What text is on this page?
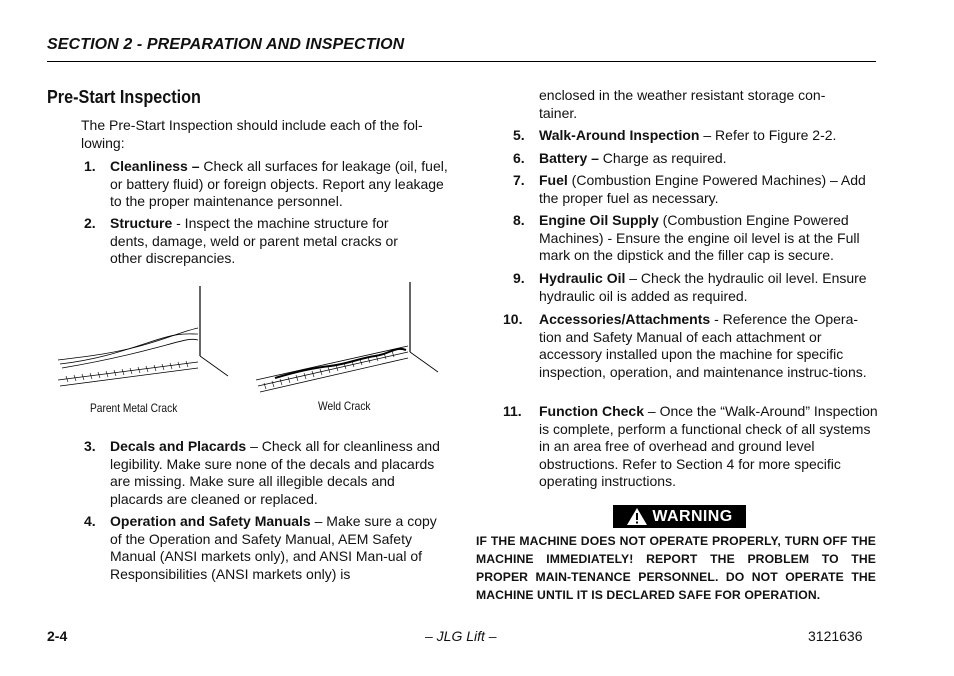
SECTION 2 - PREPARATION AND INSPECTION
Pre-Start Inspection
The Pre-Start Inspection should include each of the fol-lowing:
1. Cleanliness – Check all surfaces for leakage (oil, fuel, or battery fluid) or foreign objects. Report any leakage to the proper maintenance personnel.
2. Structure - Inspect the machine structure for dents, damage, weld or parent metal cracks or other discrepancies.
Parent Metal Crack	Weld Crack
3. Decals and Placards – Check all for cleanliness and legibility. Make sure none of the decals and placards are missing. Make sure all illegible decals and placards are cleaned or replaced.
4. Operation and Safety Manuals – Make sure a copy of the Operation and Safety Manual, AEM Safety Manual (ANSI markets only), and ANSI Man-ual of Responsibilities (ANSI markets only) is
enclosed in the weather resistant storage con-tainer.
5. Walk-Around Inspection – Refer to Figure 2-2.
6. Battery – Charge as required.
7. Fuel (Combustion Engine Powered Machines) – Add the proper fuel as necessary.
8. Engine Oil Supply (Combustion Engine Powered Machines) - Ensure the engine oil level is at the Full mark on the dipstick and the filler cap is secure.
9. Hydraulic Oil – Check the hydraulic oil level. Ensure hydraulic oil is added as required.
10. Accessories/Attachments - Reference the Opera-tion and Safety Manual of each attachment or accessory installed upon the machine for specific inspection, operation, and maintenance instruc-tions.
11. Function Check – Once the “Walk-Around” Inspection is complete, perform a functional check of all systems in an area free of overhead and ground level obstructions. Refer to Section 4 for more specific operating instructions.
WARNING
IF THE MACHINE DOES NOT OPERATE PROPERLY, TURN OFF THE MACHINE IMMEDIATELY! REPORT THE PROBLEM TO THE PROPER MAIN-TENANCE PERSONNEL. DO NOT OPERATE THE MACHINE UNTIL IT IS DECLARED SAFE FOR OPERATION.
2-4	– JLG Lift –	3121636
